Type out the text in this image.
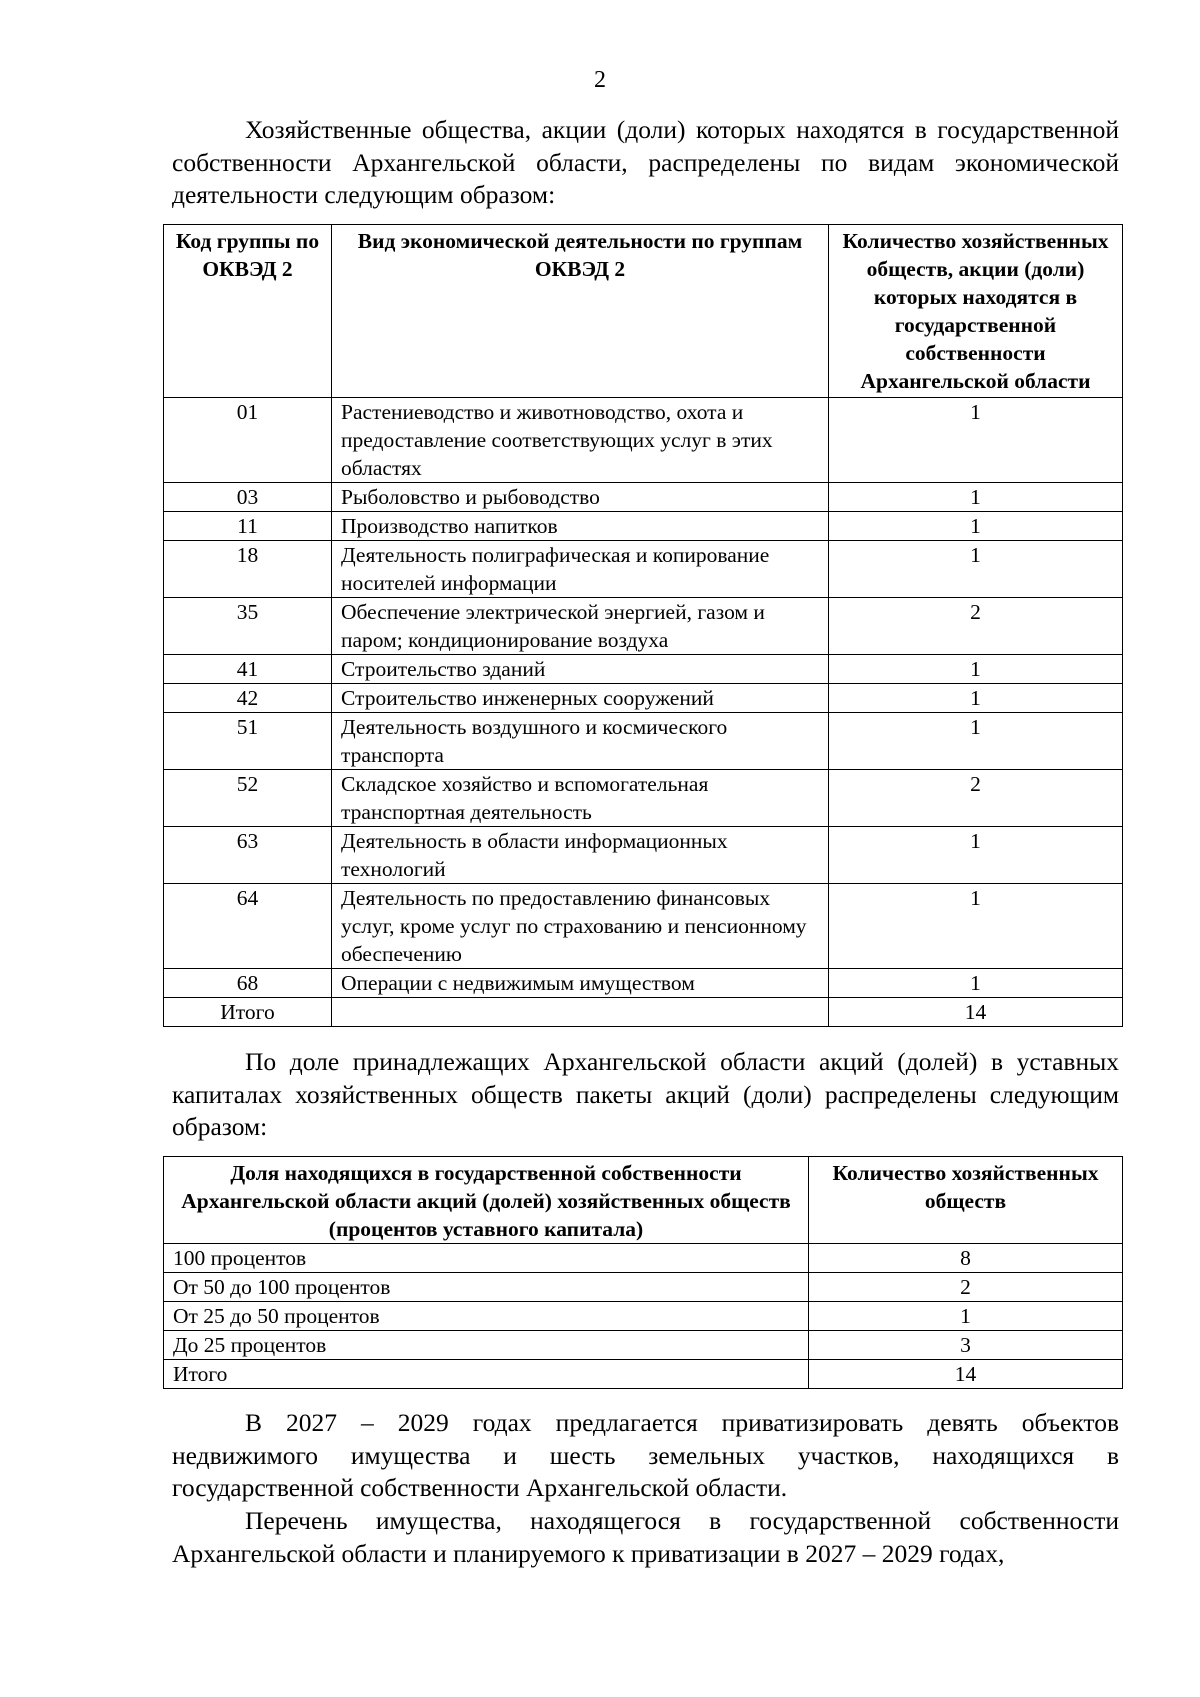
2
Хозяйственные общества, акции (доли) которых находятся в государственной собственности Архангельской области, распределены по видам экономической деятельности следующим образом:
Код группы по ОКВЭД 2	Вид экономической деятельности по группам ОКВЭД 2	Количество хозяйственных обществ, акции (доли) которых находятся в государственной собственности Архангельской области
01	Растениеводство и животноводство, охота и предоставление соответствующих услуг в этих областях	1
03	Рыболовство и рыбоводство	1
11	Производство напитков	1
18	Деятельность полиграфическая и копирование носителей информации	1
35	Обеспечение электрической энергией, газом и паром; кондиционирование воздуха	2
41	Строительство зданий	1
42	Строительство инженерных сооружений	1
51	Деятельность воздушного и космического транспорта	1
52	Складское хозяйство и вспомогательная транспортная деятельность	2
63	Деятельность в области информационных технологий	1
64	Деятельность по предоставлению финансовых услуг, кроме услуг по страхованию и пенсионному обеспечению	1
68	Операции с недвижимым имуществом	1
Итого		14
По доле принадлежащих Архангельской области акций (долей) в уставных капиталах хозяйственных обществ пакеты акций (доли) распределены следующим образом:
Доля находящихся в государственной собственности Архангельской области акций (долей) хозяйственных обществ (процентов уставного капитала)	Количество хозяйственных обществ
100 процентов	8
От 50 до 100 процентов	2
От 25 до 50 процентов	1
До 25 процентов	3
Итого	14
В 2027 – 2029 годах предлагается приватизировать девять объектов недвижимого имущества и шесть земельных участков, находящихся в государственной собственности Архангельской области.
Перечень имущества, находящегося в государственной собственности Архангельской области и планируемого к приватизации в 2027 – 2029 годах,
